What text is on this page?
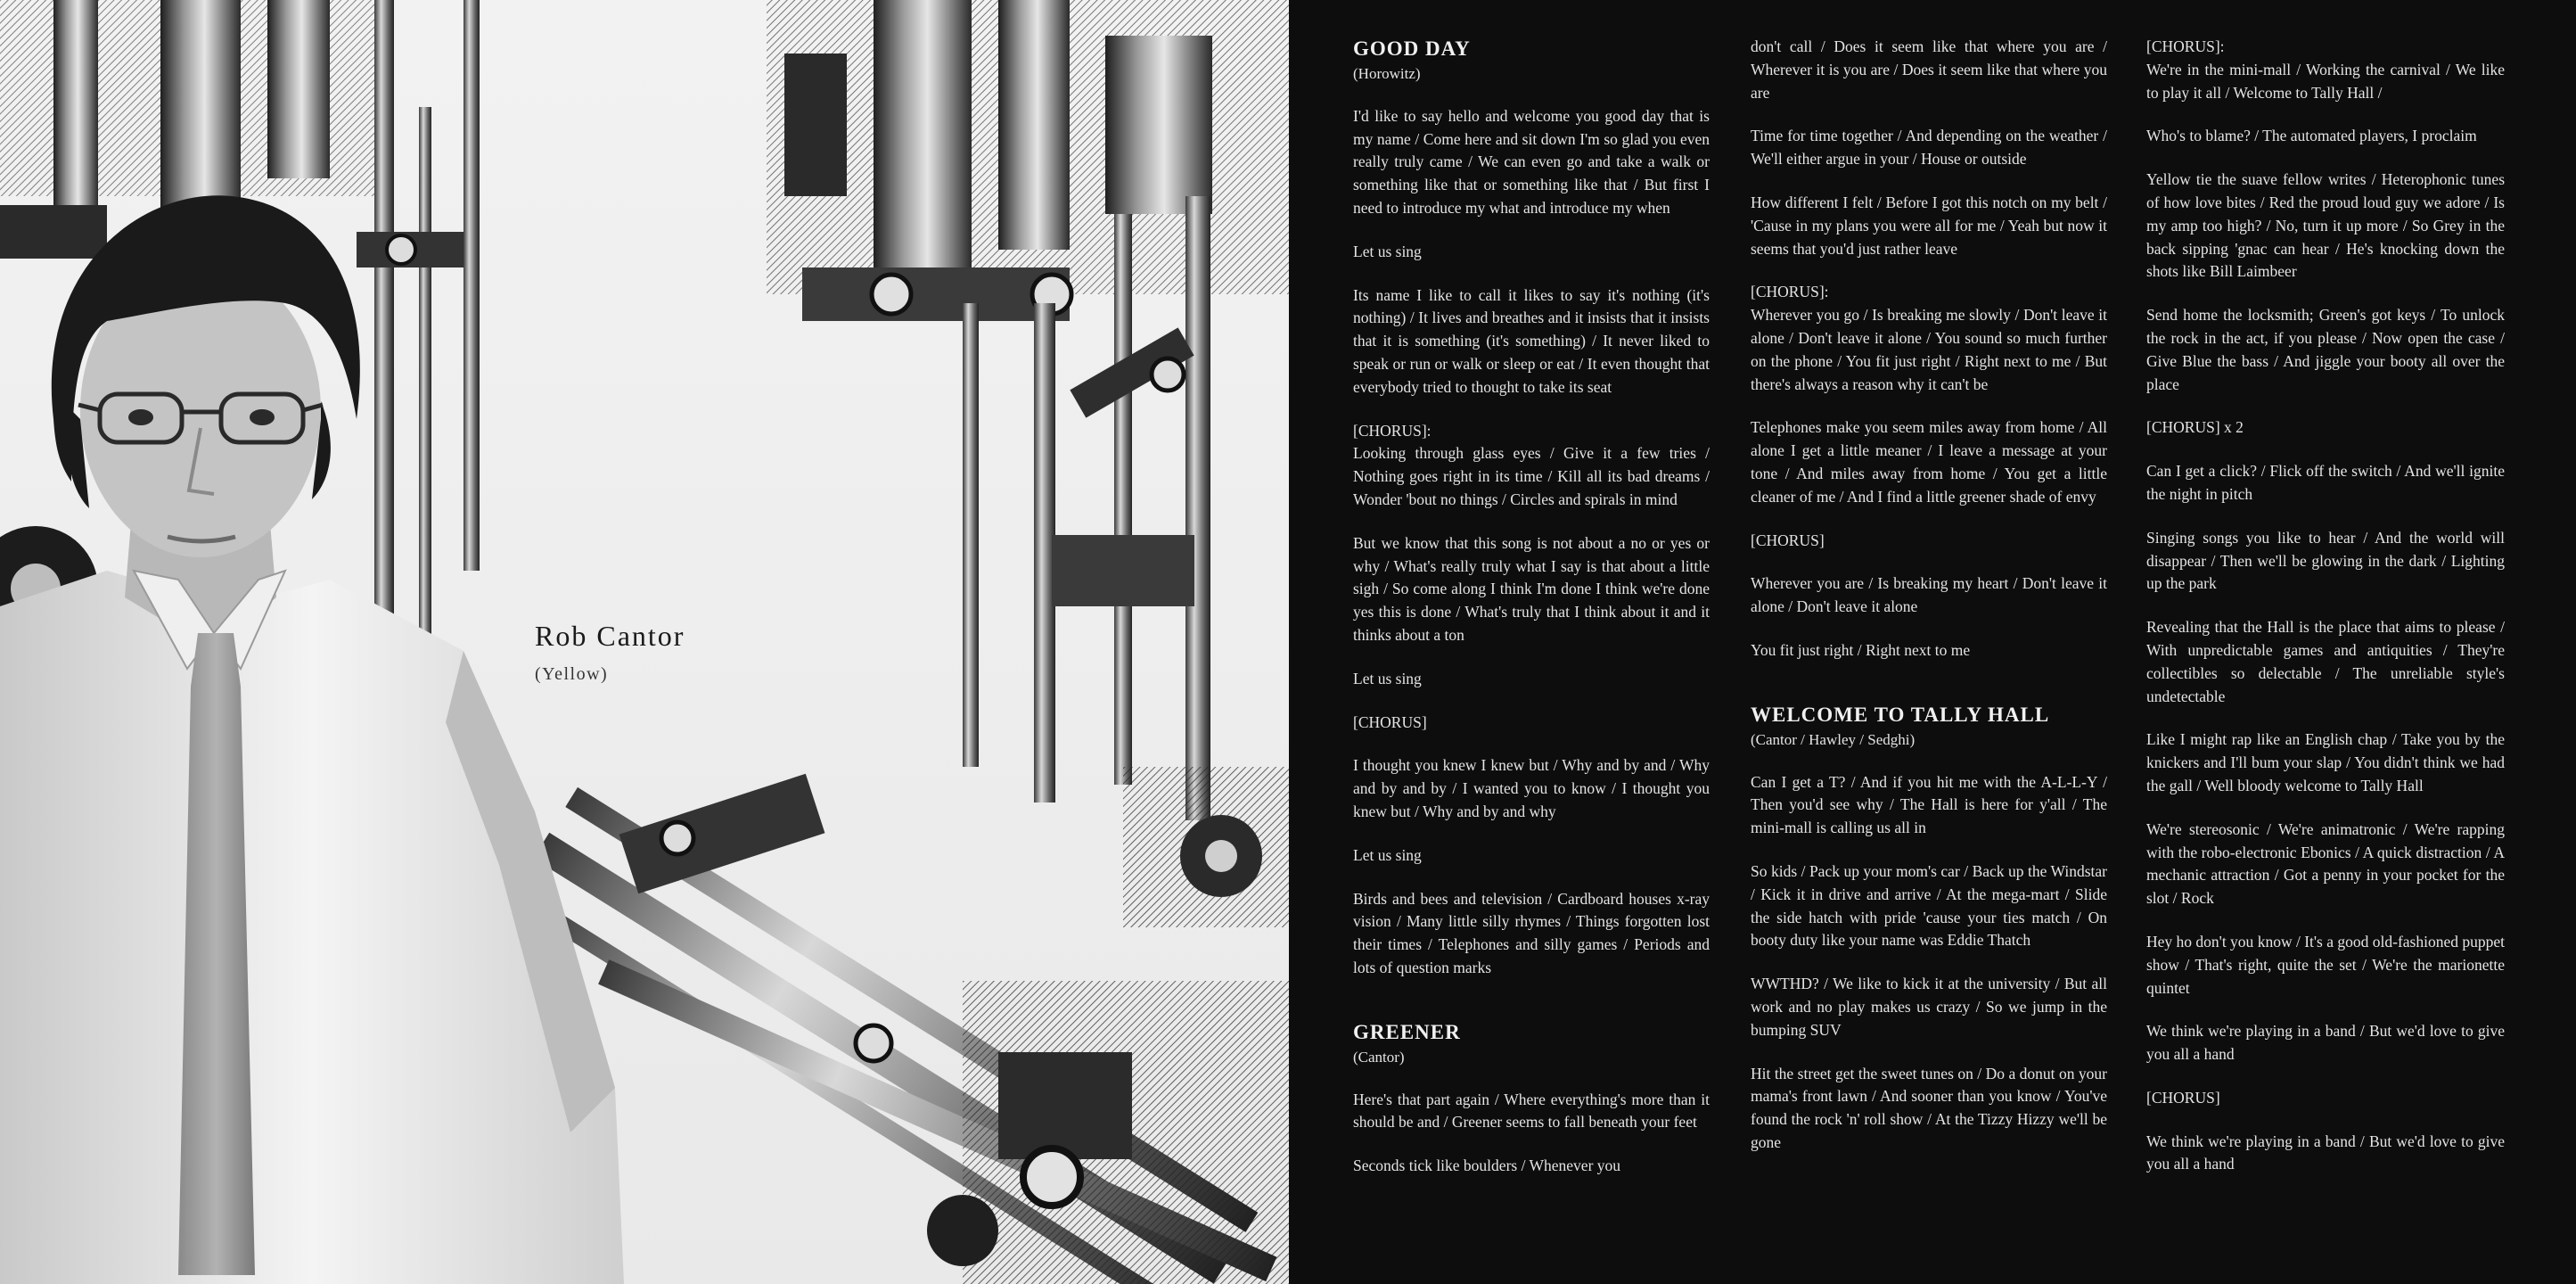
Rob Cantor
(Yellow)
GOOD DAY
(Horowitz)

I'd like to say hello and welcome you good day that is my name / Come here and sit down I'm so glad you even really truly came / We can even go and take a walk or something like that or something like that / But first I need to introduce my what and introduce my when

Let us sing

Its name I like to call it likes to say it's nothing (it's nothing) / It lives and breathes and it insists that it insists that it is something (it's something) / It never liked to speak or run or walk or sleep or eat / It even thought that everybody tried to thought to take its seat

[CHORUS]:

Looking through glass eyes / Give it a few tries / Nothing goes right in its time / Kill all its bad dreams / Wonder 'bout no things / Circles and spirals in mind

But we know that this song is not about a no or yes or why / What's really truly what I say is that about a little sigh / So come along I think I'm done I think we're done yes this is done / What's truly that I think about it and it thinks about a ton

Let us sing

[CHORUS]

I thought you knew I knew but / Why and by and / Why and by and by / I wanted you to know / I thought you knew but / Why and by and why

Let us sing

Birds and bees and television / Cardboard houses x-ray vision / Many little silly rhymes / Things forgotten lost their times / Telephones and silly games / Periods and lots of question marks

GREENER
(Cantor)

Here's that part again / Where everything's more than it should be and / Greener seems to fall beneath your feet

Seconds tick like boulders / Whenever you

don't call / Does it seem like that where you are / Wherever it is you are / Does it seem like that where you are

Time for time together / And depending on the weather / We'll either argue in your / House or outside

How different I felt / Before I got this notch on my belt / 'Cause in my plans you were all for me / Yeah but now it seems that you'd just rather leave

[CHORUS]:

Wherever you go / Is breaking me slowly / Don't leave it alone / Don't leave it alone / You sound so much further on the phone / You fit just right / Right next to me / But there's always a reason why it can't be

Telephones make you seem miles away from home / All alone I get a little meaner / I leave a message at your tone / And miles away from home / You get a little cleaner of me / And I find a little greener shade of envy

[CHORUS]

Wherever you are / Is breaking my heart / Don't leave it alone / Don't leave it alone

You fit just right / Right next to me

WELCOME TO TALLY HALL
(Cantor / Hawley / Sedghi)

Can I get a T? / And if you hit me with the A-L-L-Y / Then you'd see why / The Hall is here for y'all / The mini-mall is calling us all in

So kids / Pack up your mom's car / Back up the Windstar / Kick it in drive and arrive / At the mega-mart / Slide the side hatch with pride 'cause your ties match / On booty duty like your name was Eddie Thatch

WWTHD? / We like to kick it at the university / But all work and no play makes us crazy / So we jump in the bumping SUV

Hit the street get the sweet tunes on / Do a donut on your mama's front lawn / And sooner than you know / You've found the rock 'n' roll show / At the Tizzy Hizzy we'll be gone

[CHORUS]:

We're in the mini-mall / Working the carnival / We like to play it all / Welcome to Tally Hall /

Who's to blame? / The automated players, I proclaim

Yellow tie the suave fellow writes / Heterophonic tunes of how love bites / Red the proud loud guy we adore / Is my amp too high? / No, turn it up more / So Grey in the back sipping 'gnac can hear / He's knocking down the shots like Bill Laimbeer

Send home the locksmith; Green's got keys / To unlock the rock in the act, if you please / Now open the case / Give Blue the bass / And jiggle your booty all over the place

[CHORUS] x 2

Can I get a click? / Flick off the switch / And we'll ignite the night in pitch

Singing songs you like to hear / And the world will disappear / Then we'll be glowing in the dark / Lighting up the park

Revealing that the Hall is the place that aims to please / With unpredictable games and antiquities / They're collectibles so delectable / The unreliable style's undetectable

Like I might rap like an English chap / Take you by the knickers and I'll bum your slap / You didn't think we had the gall / Well bloody welcome to Tally Hall

We're stereosonic / We're animatronic / We're rapping with the robo-electronic Ebonics / A quick distraction / A mechanic attraction / Got a penny in your pocket for the slot / Rock

Hey ho don't you know / It's a good old-fashioned puppet show / That's right, quite the set / We're the marionette quintet

We think we're playing in a band / But we'd love to give you all a hand

[CHORUS]

We think we're playing in a band / But we'd love to give you all a hand
